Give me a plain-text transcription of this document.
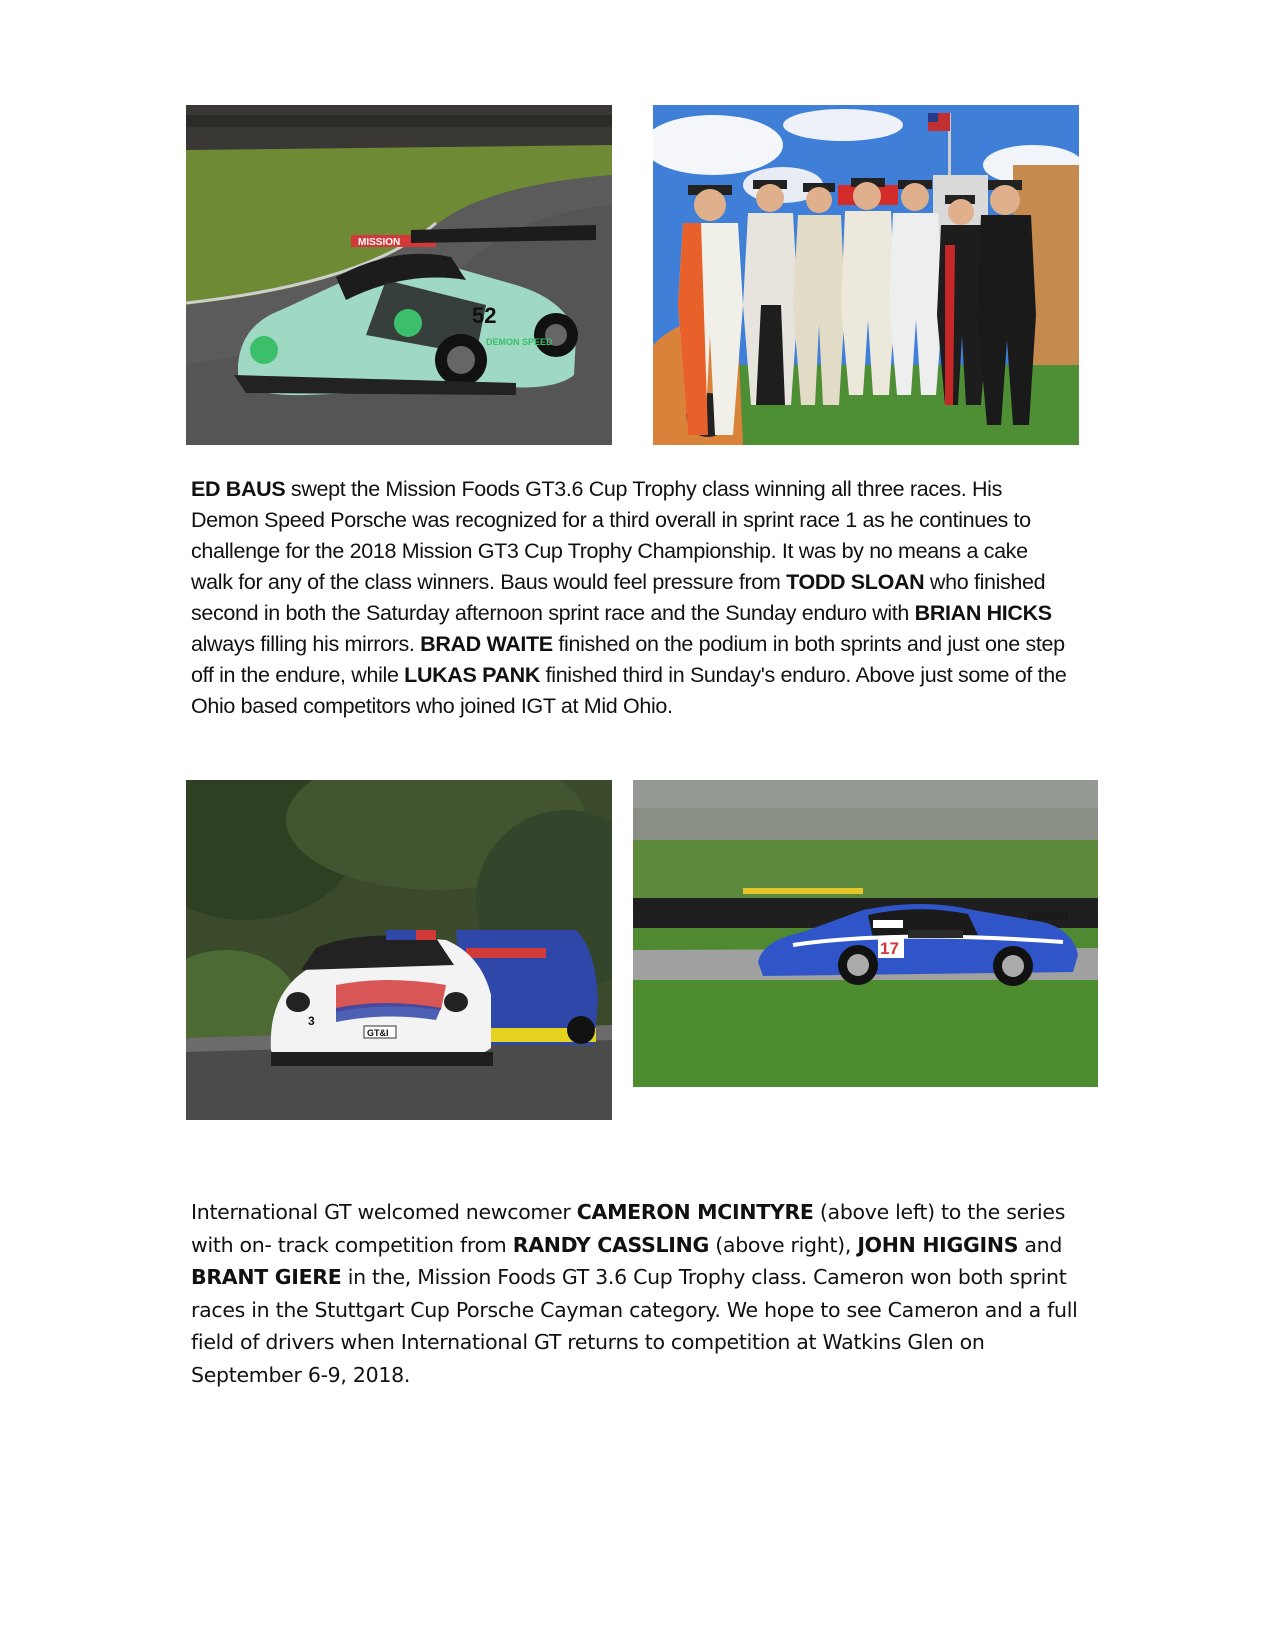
MISSION
52
DEMON SPEED
ED BAUS swept the Mission Foods GT3.6 Cup Trophy class winning all three races. His Demon Speed Porsche was recognized for a third overall in sprint race 1 as he continues to challenge for the 2018 Mission GT3 Cup Trophy Championship. It was by no means a cake walk for any of the class winners. Baus would feel pressure from TODD SLOAN who finished second in both the Saturday afternoon sprint race and the Sunday enduro with BRIAN HICKS always filling his mirrors. BRAD WAITE finished on the podium in both sprints and just one step off in the endure, while LUKAS PANK finished third in Sunday's enduro. Above just some of the Ohio based competitors who joined IGT at Mid Ohio.
GT&I
3
17
International GT welcomed newcomer CAMERON MCINTYRE (above left) to the series with on- track competition from RANDY CASSLING (above right), JOHN HIGGINS and BRANT GIERE in the, Mission Foods GT 3.6 Cup Trophy class. Cameron won both sprint races in the Stuttgart Cup Porsche Cayman category. We hope to see Cameron and a full field of drivers when International GT returns to competition at Watkins Glen on September 6-9, 2018.
